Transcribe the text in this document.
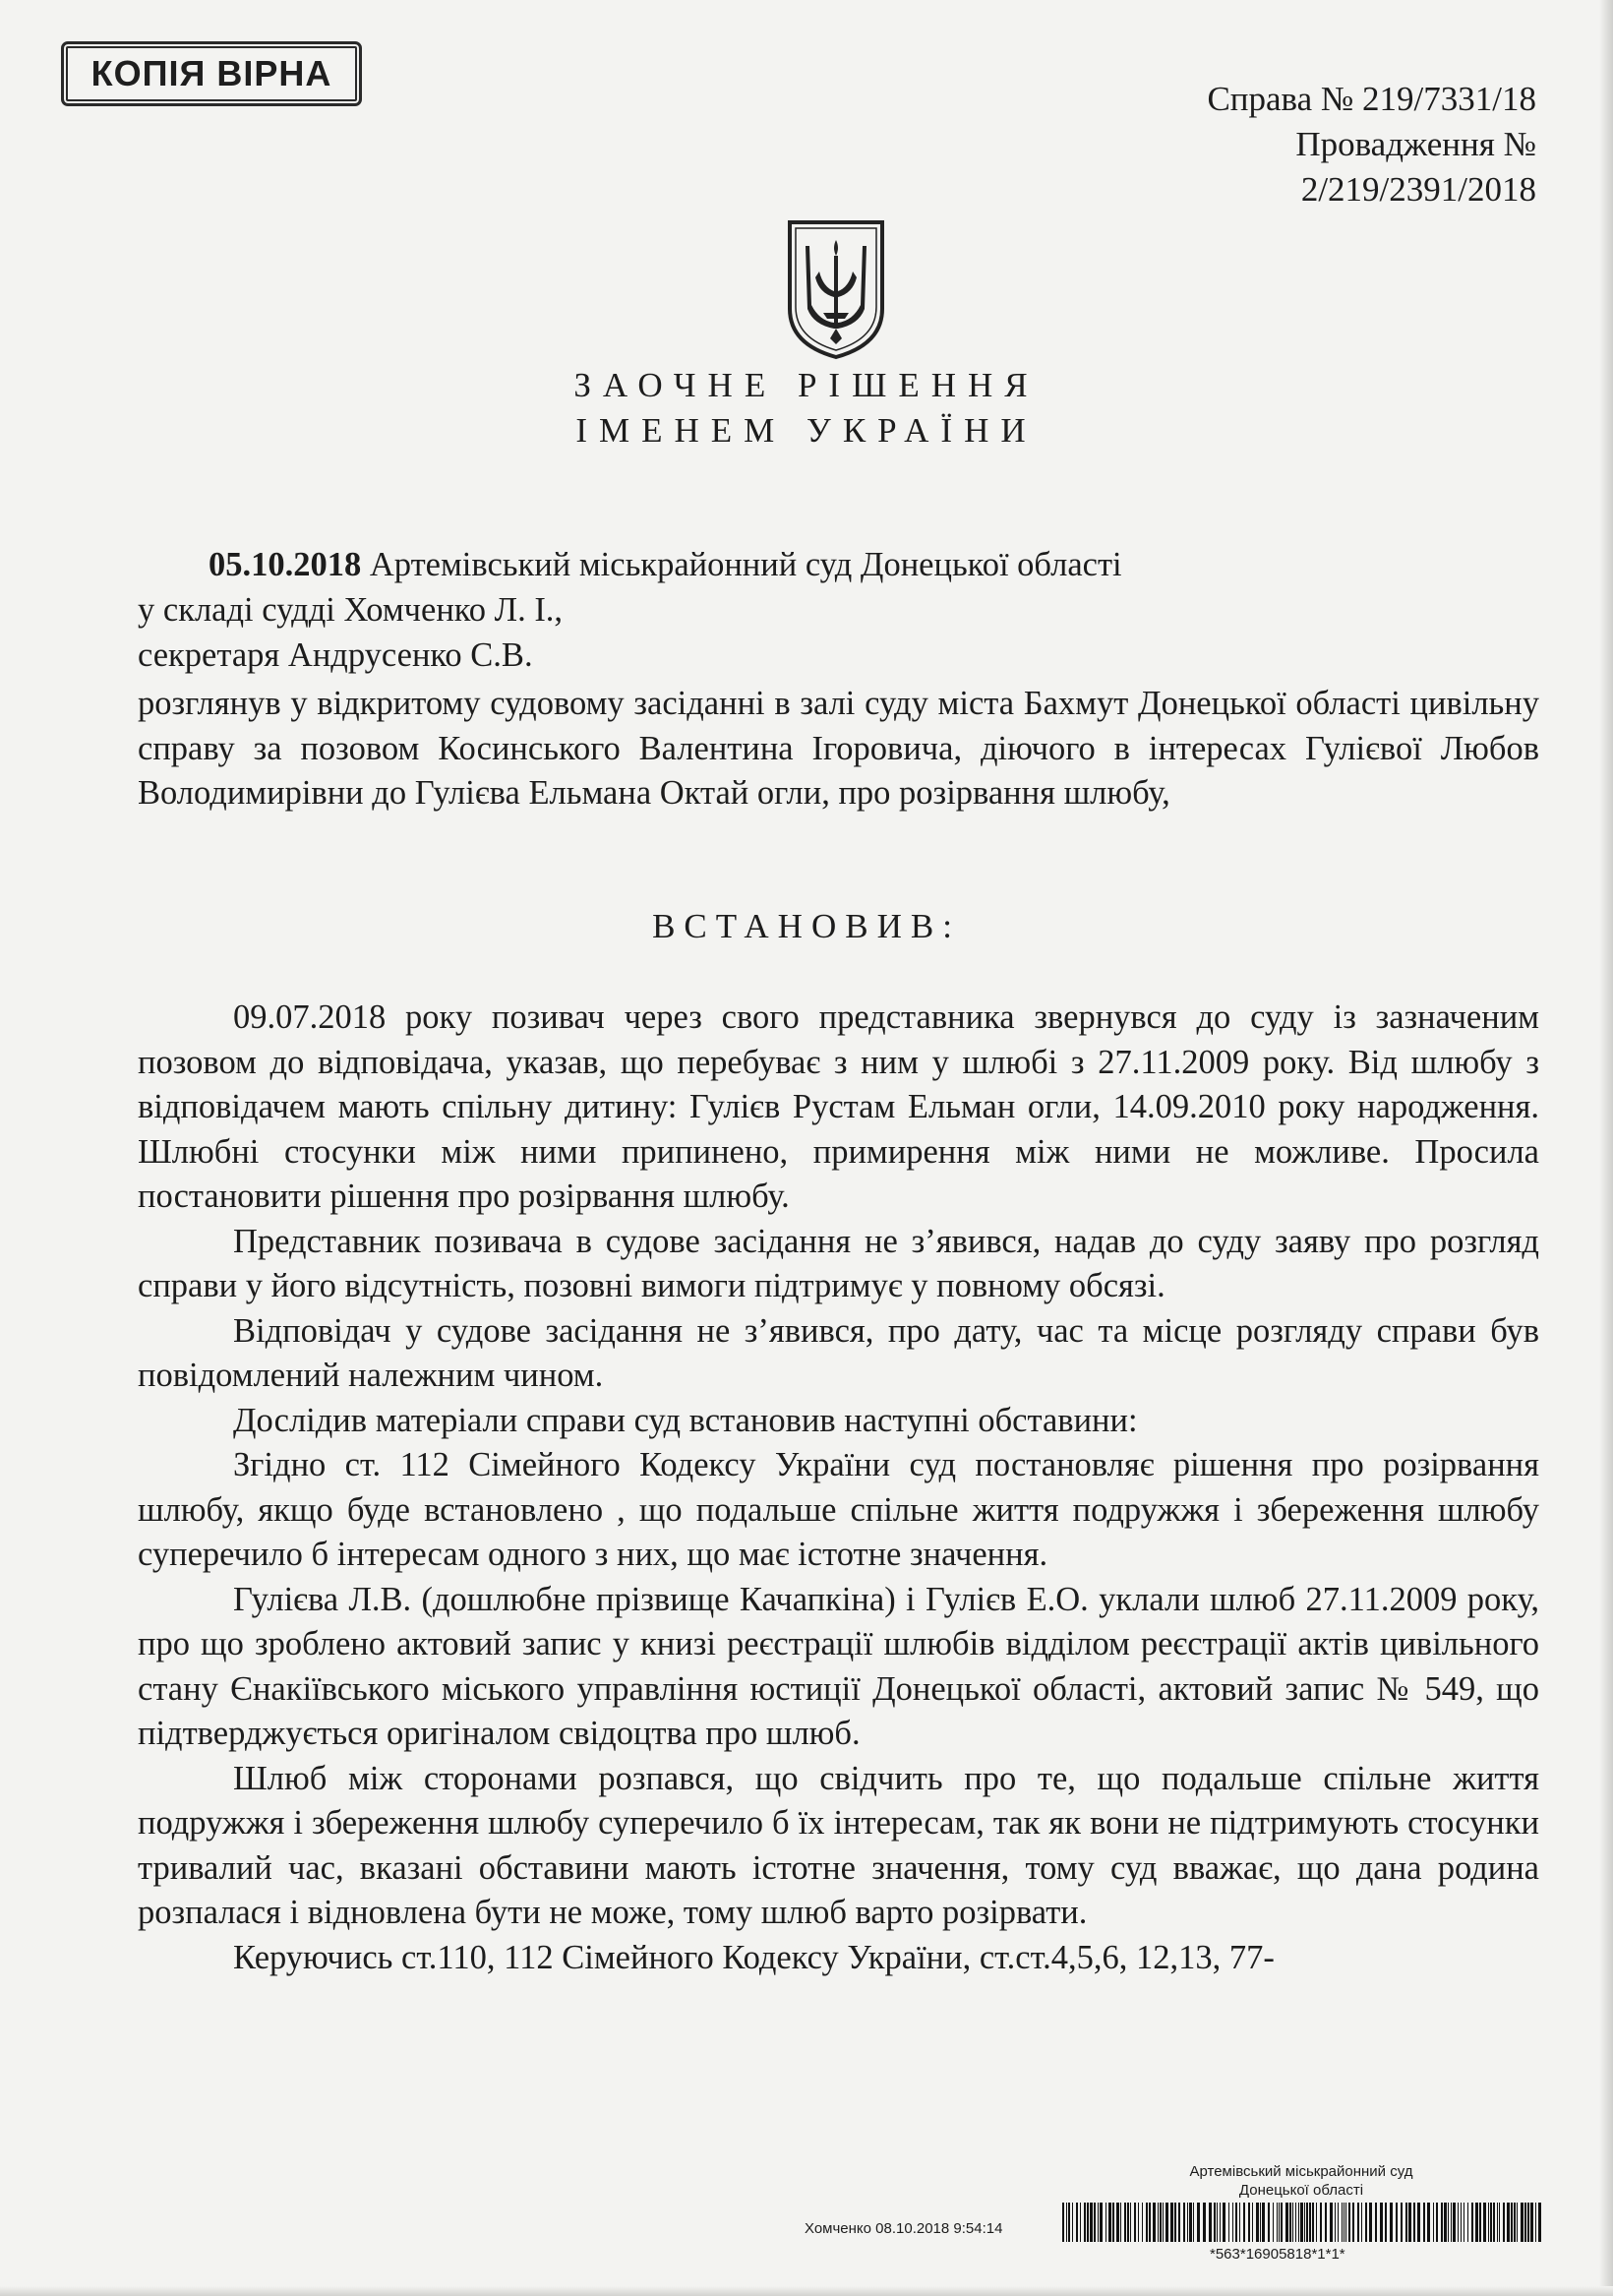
КОПІЯ ВІРНА
Справа № 219/7331/18
Провадження №
2/219/2391/2018
ЗАОЧНЕ РІШЕННЯ
ІМЕНЕМ УКРАЇНИ
05.10.2018 Артемівський міськрайонний суд Донецької області
у складі судді Хомченко Л. І.,
секретаря Андрусенко С.В.
розглянув у відкритому судовому засіданні в залі суду міста Бахмут Донецької області цивільну справу за позовом Косинського Валентина Ігоровича, діючого в інтересах Гулієвої Любов Володимирівни до Гулієва Ельмана Октай огли, про розірвання шлюбу,
ВСТАНОВИВ:

09.07.2018 року позивач через свого представника звернувся до суду із зазначеним позовом до відповідача, указав, що перебуває з ним у шлюбі з 27.11.2009 року. Від шлюбу з відповідачем мають спільну дитину: Гулієв Рустам Ельман огли, 14.09.2010 року народження. Шлюбні стосунки між ними припинено, примирення між ними не можливе. Просила постановити рішення про розірвання шлюбу.

Представник позивача в судове засідання не з’явився, надав до суду заяву про розгляд справи у його відсутність, позовні вимоги підтримує у повному обсязі.

Відповідач у судове засідання не з’явився, про дату, час та місце розгляду справи був повідомлений належним чином.

Дослідив матеріали справи суд встановив наступні обставини:

Згідно ст. 112 Сімейного Кодексу України суд постановляє рішення про розірвання шлюбу, якщо буде встановлено , що подальше спільне життя подружжя і збереження шлюбу суперечило б інтересам одного з них, що має істотне значення.

Гулієва Л.В. (дошлюбне прізвище Качапкіна) і Гулієв Е.О. уклали шлюб 27.11.2009 року, про що зроблено актовий запис у книзі реєстрації шлюбів відділом реєстрації актів цивільного стану Єнакіївського міського управління юстиції Донецької області, актовий запис № 549, що підтверджується оригіналом свідоцтва про шлюб.

Шлюб між сторонами розпався, що свідчить про те, що подальше спільне життя подружжя і збереження шлюбу суперечило б їх інтересам, так як вони не підтримують стосунки тривалий час, вказані обставини мають істотне значення, тому суд вважає, що дана родина розпалася і відновлена бути не може, тому шлюб варто розірвати.

Керуючись ст.110, 112 Сімейного Кодексу України, ст.ст.4,5,6, 12,13, 77-

Артемівський міськрайонний суд
Донецької області
Хомченко 08.10.2018 9:54:14
*563*16905818*1*1*
